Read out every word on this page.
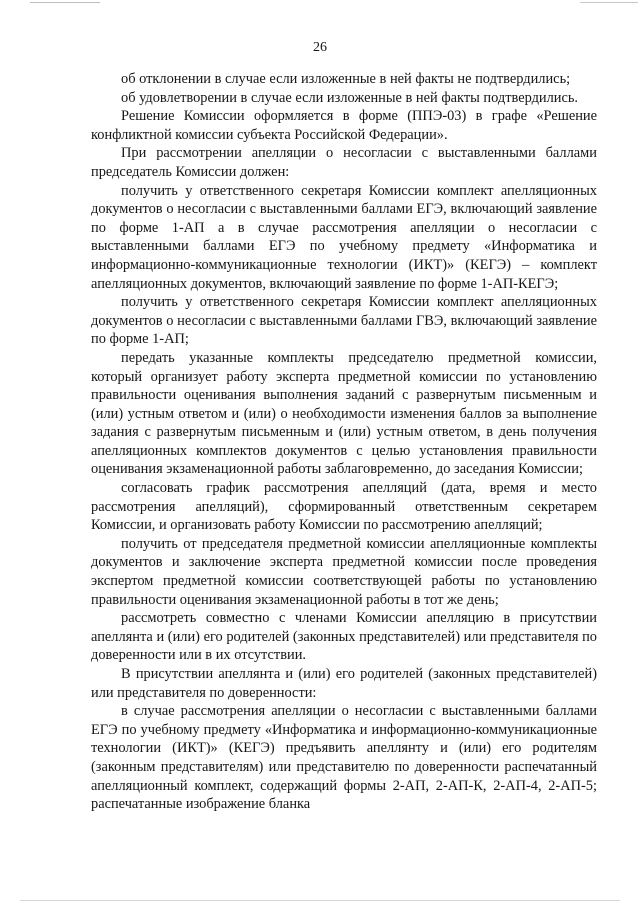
26

об отклонении в случае если изложенные в ней факты не подтвердились;

об удовлетворении в случае если изложенные в ней факты подтвердились.

Решение Комиссии оформляется в форме (ППЭ-03) в графе «Решение конфликтной комиссии субъекта Российской Федерации».

При рассмотрении апелляции о несогласии с выставленными баллами председатель Комиссии должен:

получить у ответственного секретаря Комиссии комплект апелляционных документов о несогласии с выставленными баллами ЕГЭ, включающий заявление по форме 1-АП а в случае рассмотрения апелляции о несогласии с выставленными баллами ЕГЭ по учебному предмету «Информатика и информационно-коммуникационные технологии (ИКТ)» (КЕГЭ) – комплект апелляционных документов, включающий заявление по форме 1-АП-КЕГЭ;

получить у ответственного секретаря Комиссии комплект апелляционных документов о несогласии с выставленными баллами ГВЭ, включающий заявление по форме 1-АП;

передать указанные комплекты председателю предметной комиссии, который организует работу эксперта предметной комиссии по установлению правильности оценивания выполнения заданий с развернутым письменным и (или) устным ответом и (или) о необходимости изменения баллов за выполнение задания с развернутым письменным и (или) устным ответом, в день получения апелляционных комплектов документов с целью установления правильности оценивания экзаменационной работы заблаговременно, до заседания Комиссии;

согласовать график рассмотрения апелляций (дата, время и место рассмотрения апелляций), сформированный ответственным секретарем Комиссии, и организовать работу Комиссии по рассмотрению апелляций;

получить от председателя предметной комиссии апелляционные комплекты документов и заключение эксперта предметной комиссии после проведения экспертом предметной комиссии соответствующей работы по установлению правильности оценивания экзаменационной работы в тот же день;

рассмотреть совместно с членами Комиссии апелляцию в присутствии апеллянта и (или) его родителей (законных представителей) или представителя по доверенности или в их отсутствии.

В присутствии апеллянта и (или) его родителей (законных представителей) или представителя по доверенности:

в случае рассмотрения апелляции о несогласии с выставленными баллами ЕГЭ по учебному предмету «Информатика и информационно-коммуникационные технологии (ИКТ)» (КЕГЭ) предъявить апеллянту и (или) его родителям (законным представителям) или представителю по доверенности распечатанный апелляционный комплект, содержащий формы 2-АП, 2-АП-К, 2-АП-4, 2-АП-5; распечатанные изображение бланка
